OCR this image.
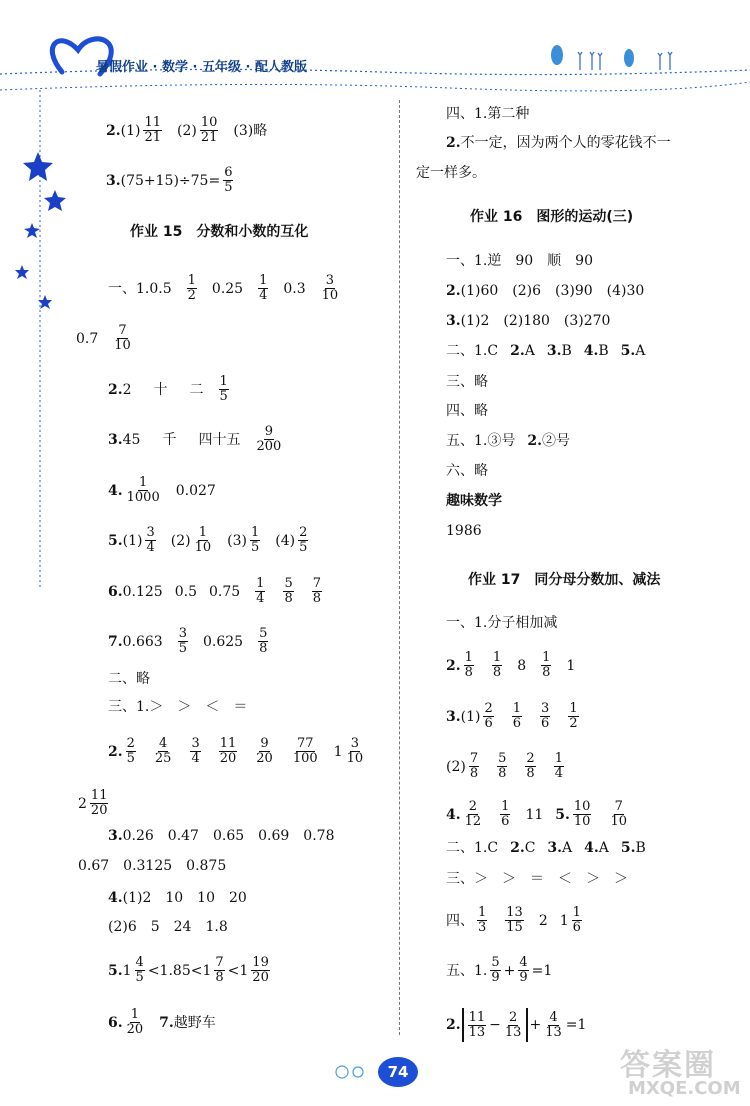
暑假作业 · 数学 · 五年级 · 配人教版
2. $(1) \frac{11}{21} (2) \frac{10}{21} (3)$略
3. $(75+15)\div 75= \frac{6}{5}$
作业 15　分数和小数的互化
一、1. $0.5 \frac{1}{2} 0.25 \frac{1}{4} 0.3 \frac{3}{10}$
$0.7 \frac{7}{10}$
2. 2 十 二 $\frac{1}{5}$
3. 45 千 四十五 $\frac{9}{200}$
4. $\frac{1}{1000} 0.027$
5. $(1) \frac{3}{4} (2) \frac{1}{10} (3) \frac{1}{5} (4) \frac{2}{5}$
6. 0.125 0.5 $0.75 \frac{1}{4} \frac{5}{8} \frac{7}{8}$
7. $0.663 \frac{3}{5} 0.625 \frac{5}{8}$
二、略
三、1. ＞　＞　＜　＝
2. $\frac{2}{5} \frac{4}{25} \frac{3}{4} \frac{11}{20} \frac{9}{20} \frac{77}{100} 1 \frac{3}{10}$
$2 \frac{11}{20}$
3. 0.26　0.47　0.65　0.69　0.78
0.67　0.3125　0.875
4. (1)2　10　10　20
(2)6　5　24　1.8
5. $1 \frac{4}{5} <1.85<1 \frac{7}{8} <1 \frac{19}{20}$
6. $\frac{1}{20} 7$. 越野车
四、1. 第二种
2. 不一定，因为两个人的零花钱不一
定一样多。
作业 16　图形的运动(三)
一、1. 逆　90　顺　90
2. (1)60　(2)6　(3)90　(4)30
3. (1)2　(2)180　(3)270
二、1. C 2. A 3. B 4. B 5. A
三、略
四、略
五、1. ③号 2. ②号
六、略
趣味数学
1986
作业 17　同分母分数加、减法
一、1. 分子相加减
2. $\frac{1}{8} \frac{1}{8} 8 \frac{1}{8} 1$
3. $(1) \frac{2}{6} \frac{1}{6} \frac{3}{6} \frac{1}{2}$
$(2) \frac{7}{8} \frac{5}{8} \frac{2}{8} \frac{1}{4}$
4. $\frac{2}{12} \frac{1}{6} 11$ 5. $\frac{10}{10} \frac{7}{10}$
二、1. C 2. C 3. A 4. A 5. B
三、 ＞　＞　＝　＜　＞　＞
四、 $\frac{1}{3} \frac{13}{15} 2$ $1 \frac{1}{6}$
五、1. $\frac{5}{9} + \frac{4}{9} =1$
2. $\frac{11}{13} - \frac{2}{13} + \frac{4}{13} =1$
74	答案圈
MXQE.COM
